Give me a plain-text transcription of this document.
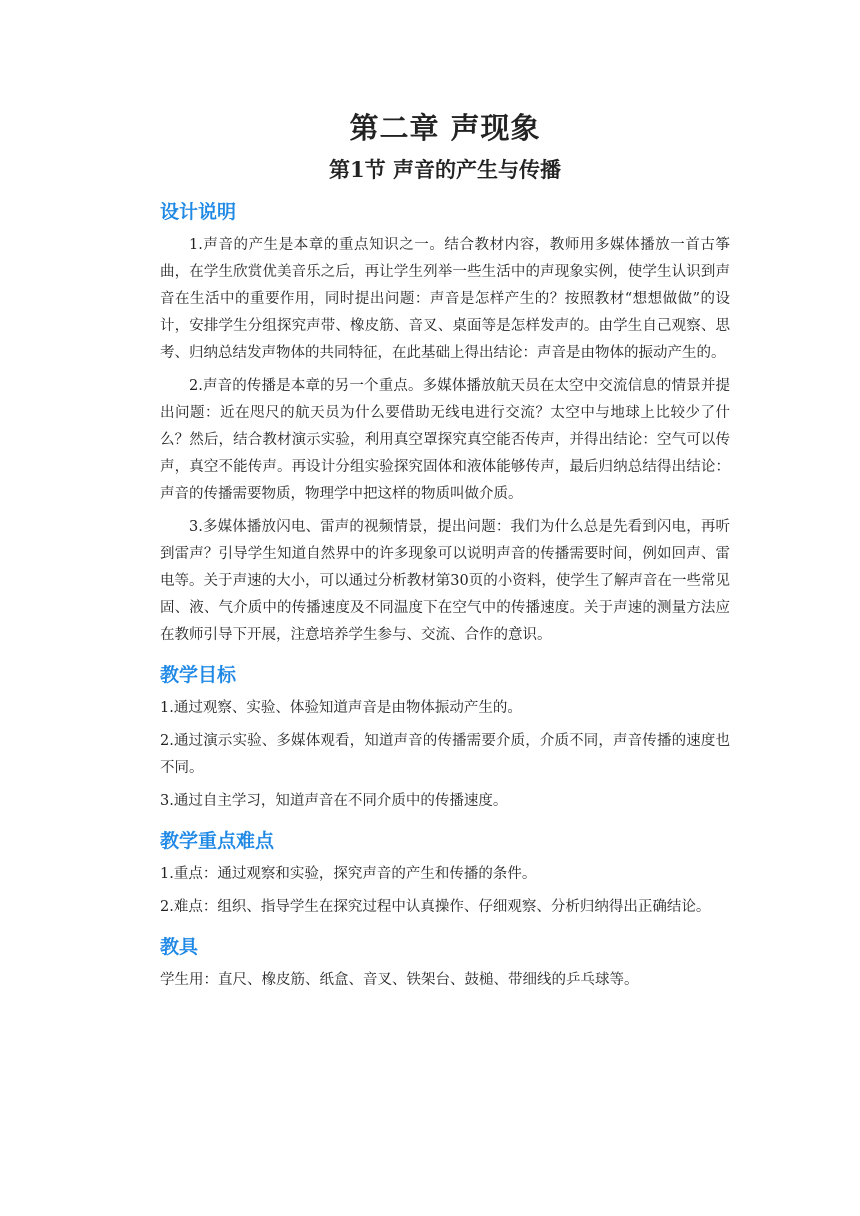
第二章 声现象
第1节 声音的产生与传播
设计说明

1.声音的产生是本章的重点知识之一。结合教材内容，教师用多媒体播放一首古筝曲，在学生欣赏优美音乐之后，再让学生列举一些生活中的声现象实例，使学生认识到声音在生活中的重要作用，同时提出问题：声音是怎样产生的？按照教材“想想做做”的设计，安排学生分组探究声带、橡皮筋、音叉、桌面等是怎样发声的。由学生自己观察、思考、归纳总结发声物体的共同特征，在此基础上得出结论：声音是由物体的振动产生的。

2.声音的传播是本章的另一个重点。多媒体播放航天员在太空中交流信息的情景并提出问题：近在咫尺的航天员为什么要借助无线电进行交流？太空中与地球上比较少了什么？然后，结合教材演示实验，利用真空罩探究真空能否传声，并得出结论：空气可以传声，真空不能传声。再设计分组实验探究固体和液体能够传声，最后归纳总结得出结论：声音的传播需要物质，物理学中把这样的物质叫做介质。

3.多媒体播放闪电、雷声的视频情景，提出问题：我们为什么总是先看到闪电，再听到雷声？引导学生知道自然界中的许多现象可以说明声音的传播需要时间，例如回声、雷电等。关于声速的大小，可以通过分析教材第30页的小资料，使学生了解声音在一些常见固、液、气介质中的传播速度及不同温度下在空气中的传播速度。关于声速的测量方法应在教师引导下开展，注意培养学生参与、交流、合作的意识。

教学目标

1.通过观察、实验、体验知道声音是由物体振动产生的。

2.通过演示实验、多媒体观看，知道声音的传播需要介质，介质不同，声音传播的速度也不同。

3.通过自主学习，知道声音在不同介质中的传播速度。

教学重点难点

1.重点：通过观察和实验，探究声音的产生和传播的条件。

2.难点：组织、指导学生在探究过程中认真操作、仔细观察、分析归纳得出正确结论。

教具

学生用：直尺、橡皮筋、纸盒、音叉、铁架台、鼓槌、带细线的乒乓球等。
